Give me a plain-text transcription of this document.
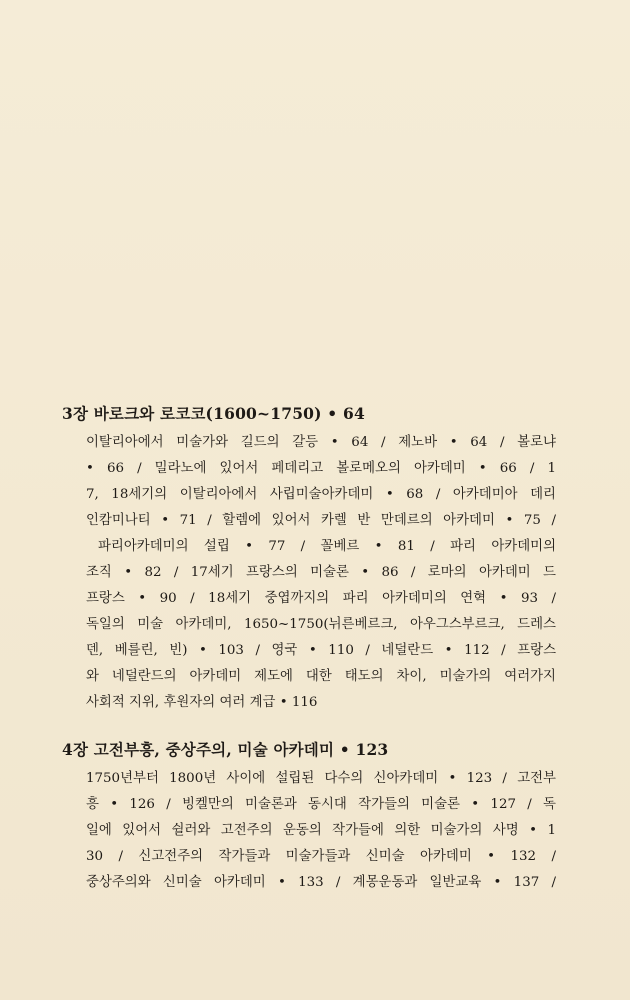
3장 바로크와 로코코(1600~1750) • 64
이탈리아에서 미술가와 길드의 갈등 • 64 / 제노바 • 64 / 볼로냐
• 66 / 밀라노에 있어서 페데리고 볼로메오의 아카데미 • 66 / 1
7, 18세기의 이탈리아에서 사립미술아카데미 • 68 / 아카데미아 데리
인캄미나티 • 71 / 할렘에 있어서 카렐 반 만데르의 아카데미 • 75 /
파리아카데미의 설립 • 77 / 꼴베르 • 81 / 파리 아카데미의
조직 • 82 / 17세기 프랑스의 미술론 • 86 / 로마의 아카데미 드
프랑스 • 90 / 18세기 중엽까지의 파리 아카데미의 연혁 • 93 /
독일의 미술 아카데미, 1650~1750(뉘른베르크, 아우그스부르크, 드레스
덴, 베를린, 빈) • 103 / 영국 • 110 / 네덜란드 • 112 / 프랑스
와 네덜란드의 아카데미 제도에 대한 태도의 차이, 미술가의 여러가지
사회적 지위, 후원자의 여러 계급 • 116
4장 고전부흥, 중상주의, 미술 아카데미 • 123
1750년부터 1800년 사이에 설립된 다수의 신아카데미 • 123 / 고전부
흥 • 126 / 빙켈만의 미술론과 동시대 작가들의 미술론 • 127 / 독
일에 있어서 쉴러와 고전주의 운동의 작가들에 의한 미술가의 사명 • 1
30 / 신고전주의 작가들과 미술가들과 신미술 아카데미 • 132 /
중상주의와 신미술 아카데미 • 133 / 계몽운동과 일반교육 • 137 /
